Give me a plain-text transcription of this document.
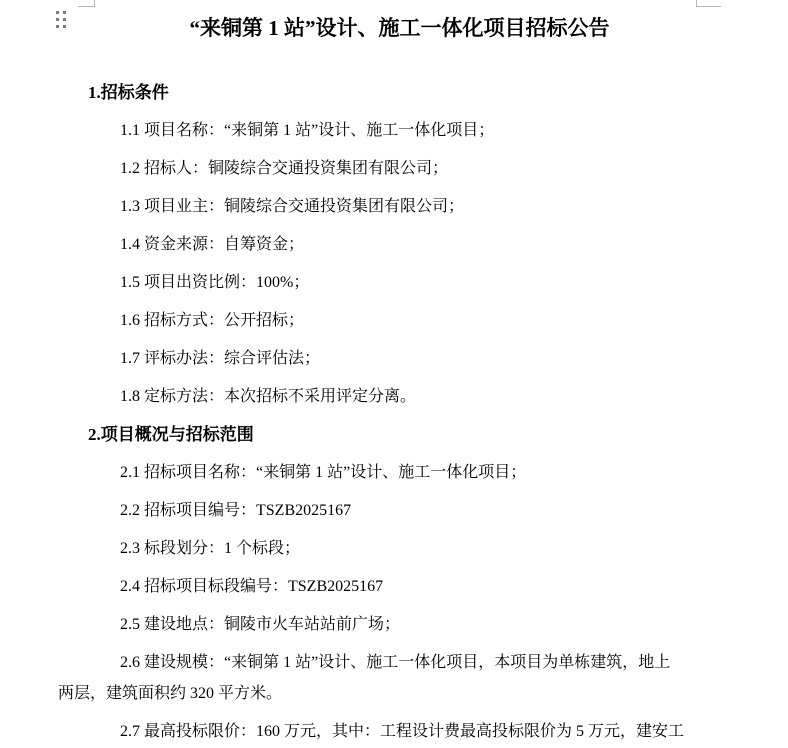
“来铜第 1 站”设计、施工一体化项目招标公告
1.招标条件
1.1 项目名称：“来铜第 1 站”设计、施工一体化项目；
1.2 招标人：铜陵综合交通投资集团有限公司；
1.3 项目业主：铜陵综合交通投资集团有限公司；
1.4 资金来源：自筹资金；
1.5 项目出资比例：100%；
1.6 招标方式：公开招标；
1.7 评标办法：综合评估法；
1.8 定标方法：本次招标不采用评定分离。
2.项目概况与招标范围
2.1 招标项目名称：“来铜第 1 站”设计、施工一体化项目；
2.2 招标项目编号：TSZB2025167
2.3 标段划分：1 个标段；
2.4 招标项目标段编号：TSZB2025167
2.5 建设地点：铜陵市火车站站前广场；
2.6 建设规模：“来铜第 1 站”设计、施工一体化项目，本项目为单栋建筑，地上
两层，建筑面积约 320 平方米。
2.7 最高投标限价：160 万元，其中：工程设计费最高投标限价为 5 万元，建安工
